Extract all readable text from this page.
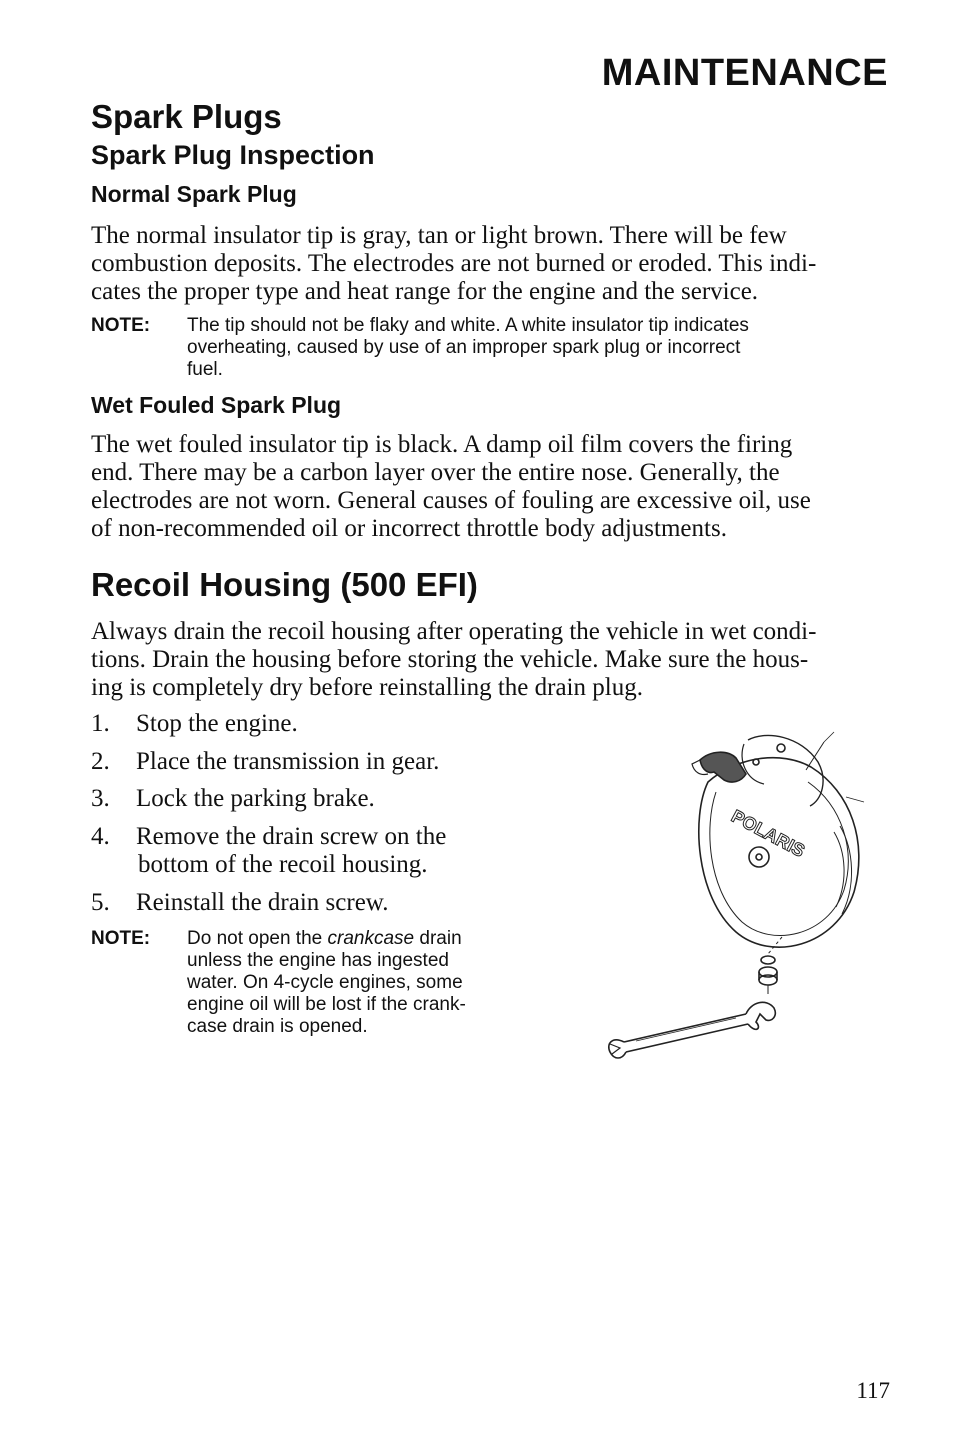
MAINTENANCE
Spark Plugs
Spark Plug Inspection
Normal Spark Plug
The normal insulator tip is gray, tan or light brown. There will be few
combustion deposits. The electrodes are not burned or eroded. This indi-
cates the proper type and heat range for the engine and the service.
NOTE: The tip should not be flaky and white. A white insulator tip indicates
overheating, caused by use of an improper spark plug or incorrect
fuel.
Wet Fouled Spark Plug
The wet fouled insulator tip is black. A damp oil film covers the firing
end. There may be a carbon layer over the entire nose. Generally, the
electrodes are not worn. General causes of fouling are excessive oil, use
of non-recommended oil or incorrect throttle body adjustments.
Recoil Housing (500 EFI)
Always drain the recoil housing after operating the vehicle in wet condi-
tions. Drain the housing before storing the vehicle. Make sure the hous-
ing is completely dry before reinstalling the drain plug.
1. Stop the engine.
2. Place the transmission in gear.
3. Lock the parking brake.
4. Remove the drain screw on the
bottom of the recoil housing.
5. Reinstall the drain screw.
NOTE: Do not open the crankcase drain
unless the engine has ingested
water. On 4-cycle engines, some
engine oil will be lost if the crank-
case drain is opened.
POLARIS
117
